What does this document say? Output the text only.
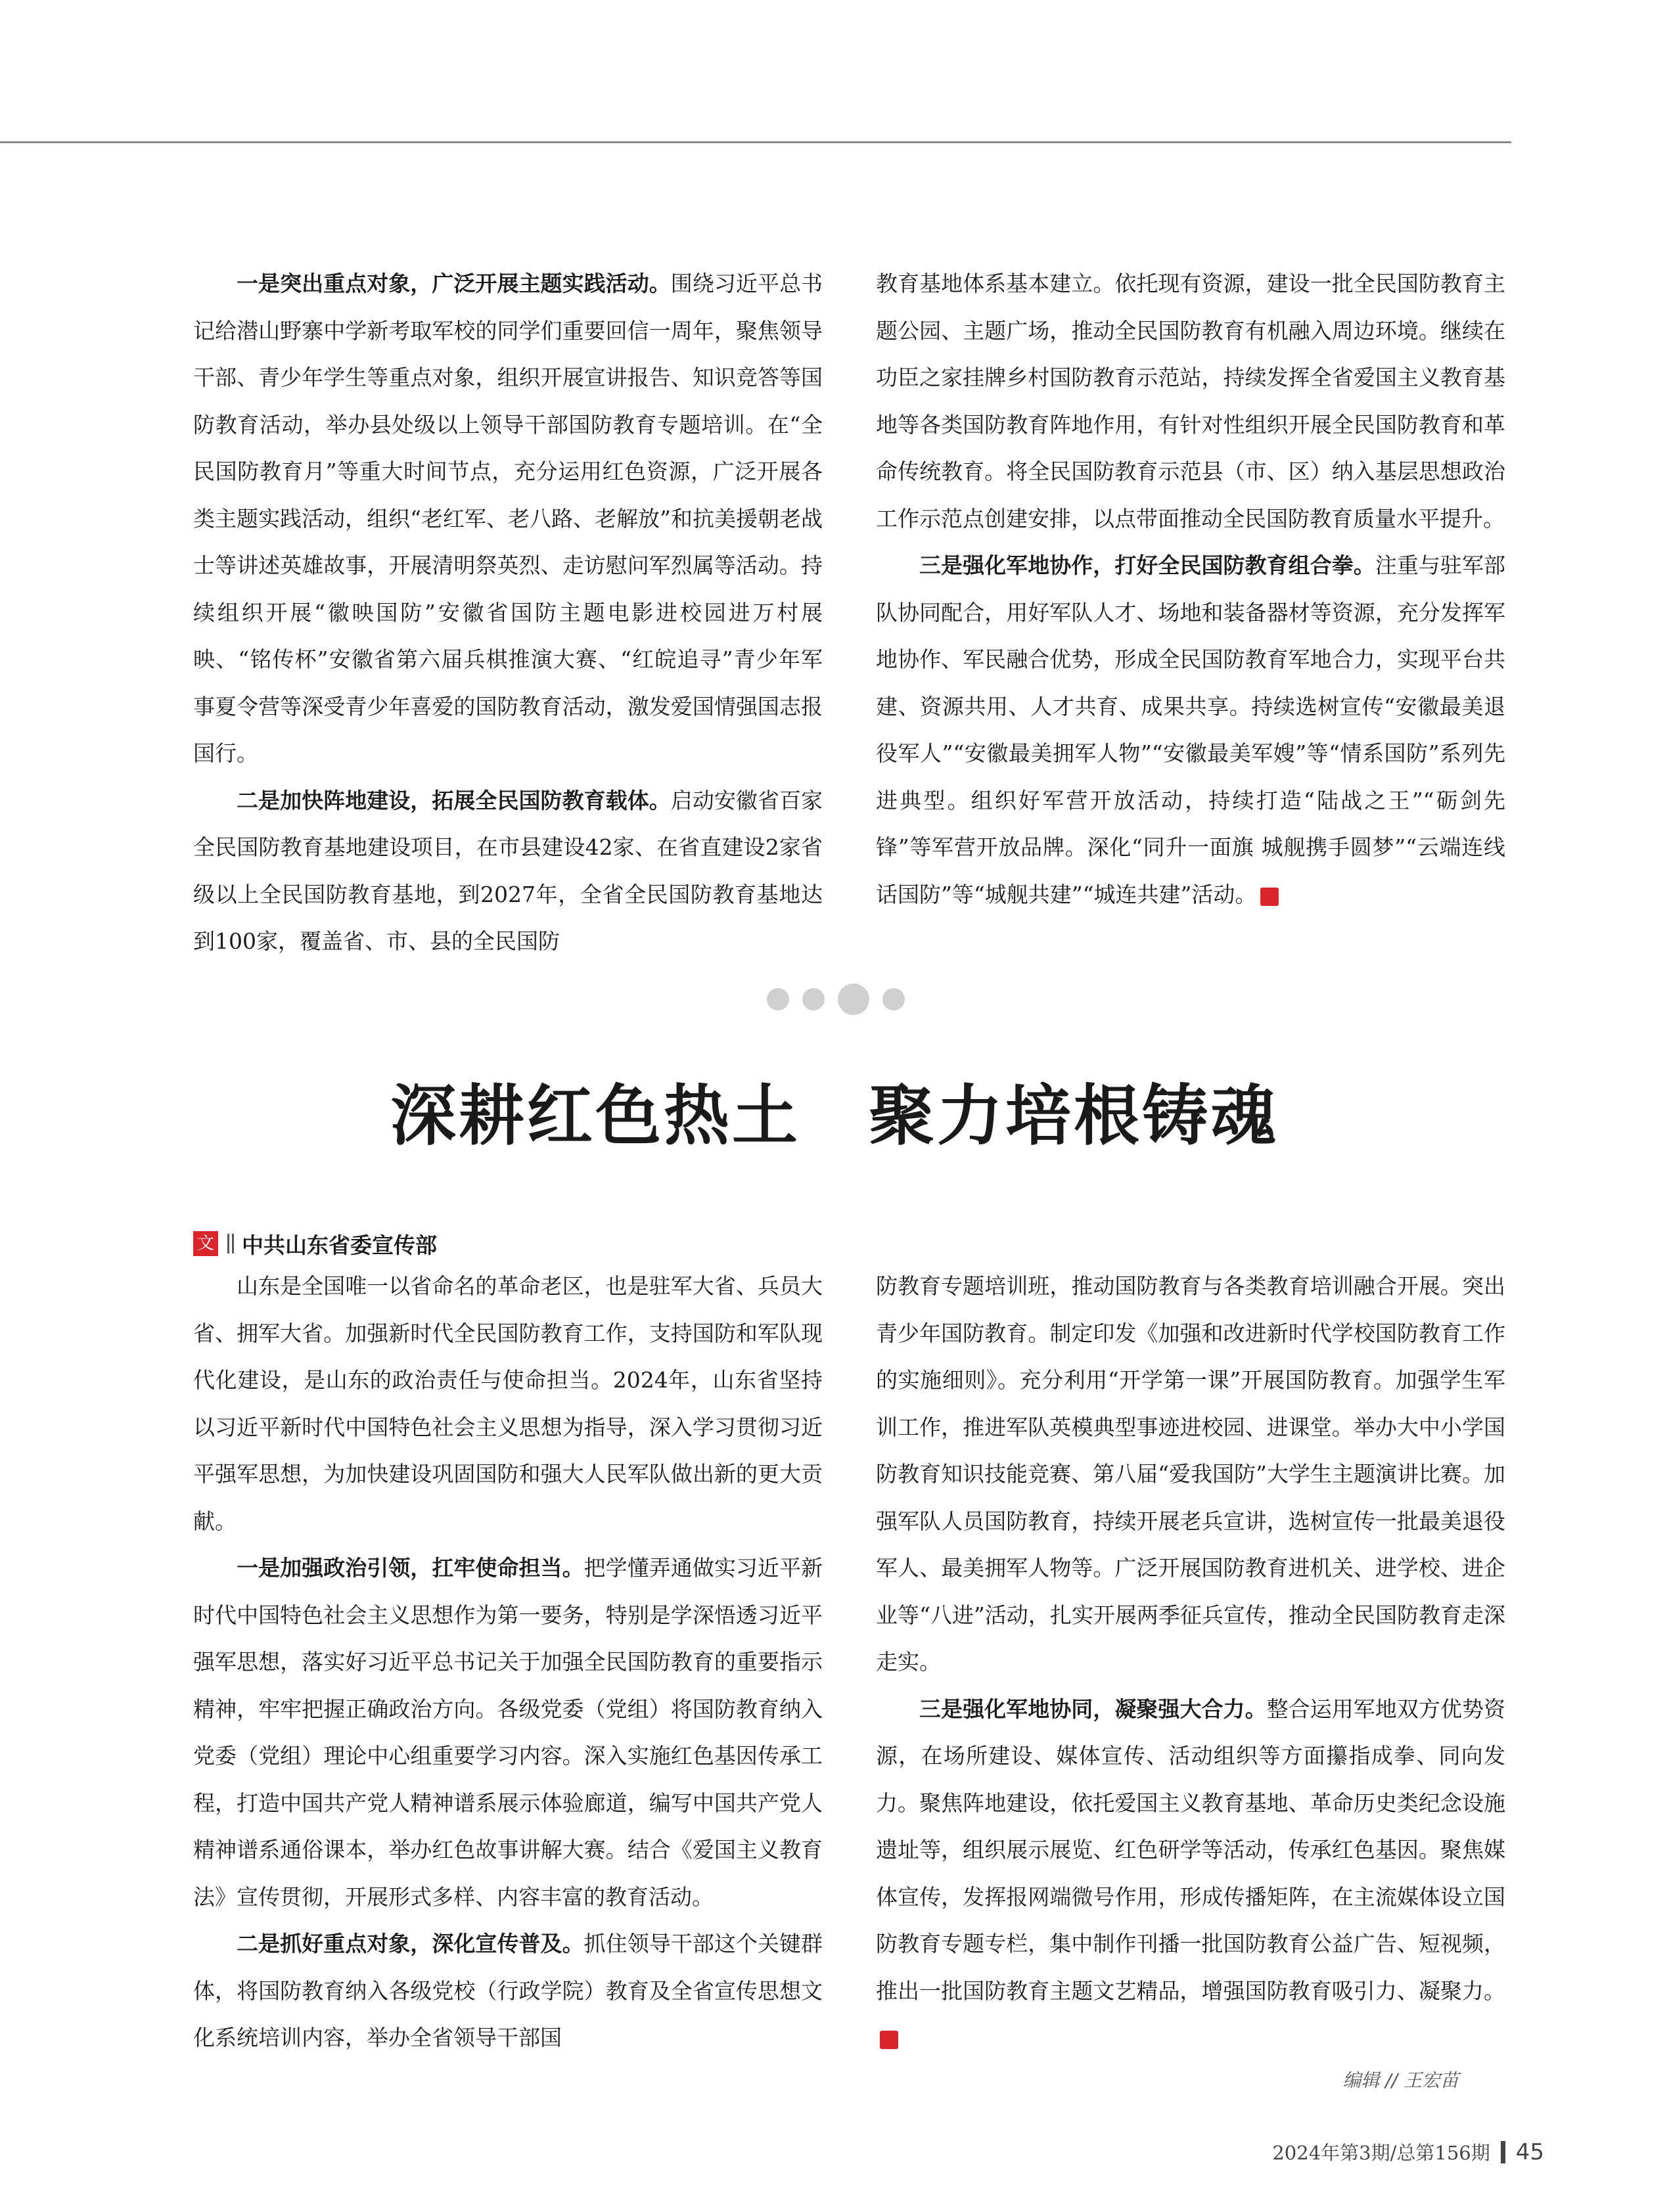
一是突出重点对象，广泛开展主题实践活动。围绕习近平总书记给潜山野寨中学新考取军校的同学们重要回信一周年，聚焦领导干部、青少年学生等重点对象，组织开展宣讲报告、知识竞答等国防教育活动，举办县处级以上领导干部国防教育专题培训。在“全民国防教育月”等重大时间节点，充分运用红色资源，广泛开展各类主题实践活动，组织“老红军、老八路、老解放”和抗美援朝老战士等讲述英雄故事，开展清明祭英烈、走访慰问军烈属等活动。持续组织开展“徽映国防”安徽省国防主题电影进校园进万村展映、“铭传杯”安徽省第六届兵棋推演大赛、“红皖追寻”青少年军事夏令营等深受青少年喜爱的国防教育活动，激发爱国情强国志报国行。

二是加快阵地建设，拓展全民国防教育载体。启动安徽省百家全民国防教育基地建设项目，在市县建设42家、在省直建设2家省级以上全民国防教育基地，到2027年，全省全民国防教育基地达到100家，覆盖省、市、县的全民国防

教育基地体系基本建立。依托现有资源，建设一批全民国防教育主题公园、主题广场，推动全民国防教育有机融入周边环境。继续在功臣之家挂牌乡村国防教育示范站，持续发挥全省爱国主义教育基地等各类国防教育阵地作用，有针对性组织开展全民国防教育和革命传统教育。将全民国防教育示范县（市、区）纳入基层思想政治工作示范点创建安排，以点带面推动全民国防教育质量水平提升。

三是强化军地协作，打好全民国防教育组合拳。注重与驻军部队协同配合，用好军队人才、场地和装备器材等资源，充分发挥军地协作、军民融合优势，形成全民国防教育军地合力，实现平台共建、资源共用、人才共育、成果共享。持续选树宣传“安徽最美退役军人”“安徽最美拥军人物”“安徽最美军嫂”等“情系国防”系列先进典型。组织好军营开放活动，持续打造“陆战之王”“砺剑先锋”等军营开放品牌。深化“同升一面旗 城舰携手圆梦”“云端连线话国防”等“城舰共建”“城连共建”活动。	G

深耕红色热土　聚力培根铸魂
文 中共山东省委宣传部

山东是全国唯一以省命名的革命老区，也是驻军大省、兵员大省、拥军大省。加强新时代全民国防教育工作，支持国防和军队现代化建设，是山东的政治责任与使命担当。2024年，山东省坚持以习近平新时代中国特色社会主义思想为指导，深入学习贯彻习近平强军思想，为加快建设巩固国防和强大人民军队做出新的更大贡献。

一是加强政治引领，扛牢使命担当。把学懂弄通做实习近平新时代中国特色社会主义思想作为第一要务，特别是学深悟透习近平强军思想，落实好习近平总书记关于加强全民国防教育的重要指示精神，牢牢把握正确政治方向。各级党委（党组）将国防教育纳入党委（党组）理论中心组重要学习内容。深入实施红色基因传承工程，打造中国共产党人精神谱系展示体验廊道，编写中国共产党人精神谱系通俗课本，举办红色故事讲解大赛。结合《爱国主义教育法》宣传贯彻，开展形式多样、内容丰富的教育活动。

二是抓好重点对象，深化宣传普及。抓住领导干部这个关键群体，将国防教育纳入各级党校（行政学院）教育及全省宣传思想文化系统培训内容，举办全省领导干部国

防教育专题培训班，推动国防教育与各类教育培训融合开展。突出青少年国防教育。制定印发《加强和改进新时代学校国防教育工作的实施细则》。充分利用“开学第一课”开展国防教育。加强学生军训工作，推进军队英模典型事迹进校园、进课堂。举办大中小学国防教育知识技能竞赛、第八届“爱我国防”大学生主题演讲比赛。加强军队人员国防教育，持续开展老兵宣讲，选树宣传一批最美退役军人、最美拥军人物等。广泛开展国防教育进机关、进学校、进企业等“八进”活动，扎实开展两季征兵宣传，推动全民国防教育走深走实。

三是强化军地协同，凝聚强大合力。整合运用军地双方优势资源，在场所建设、媒体宣传、活动组织等方面攥指成拳、同向发力。聚焦阵地建设，依托爱国主义教育基地、革命历史类纪念设施遗址等，组织展示展览、红色研学等活动，传承红色基因。聚焦媒体宣传，发挥报网端微号作用，形成传播矩阵，在主流媒体设立国防教育专题专栏，集中制作刊播一批国防教育公益广告、短视频，推出一批国防教育主题文艺精品，增强国防教育吸引力、凝聚力。G

编辑 // 王宏苗
2024年第3期/总第156期 45
